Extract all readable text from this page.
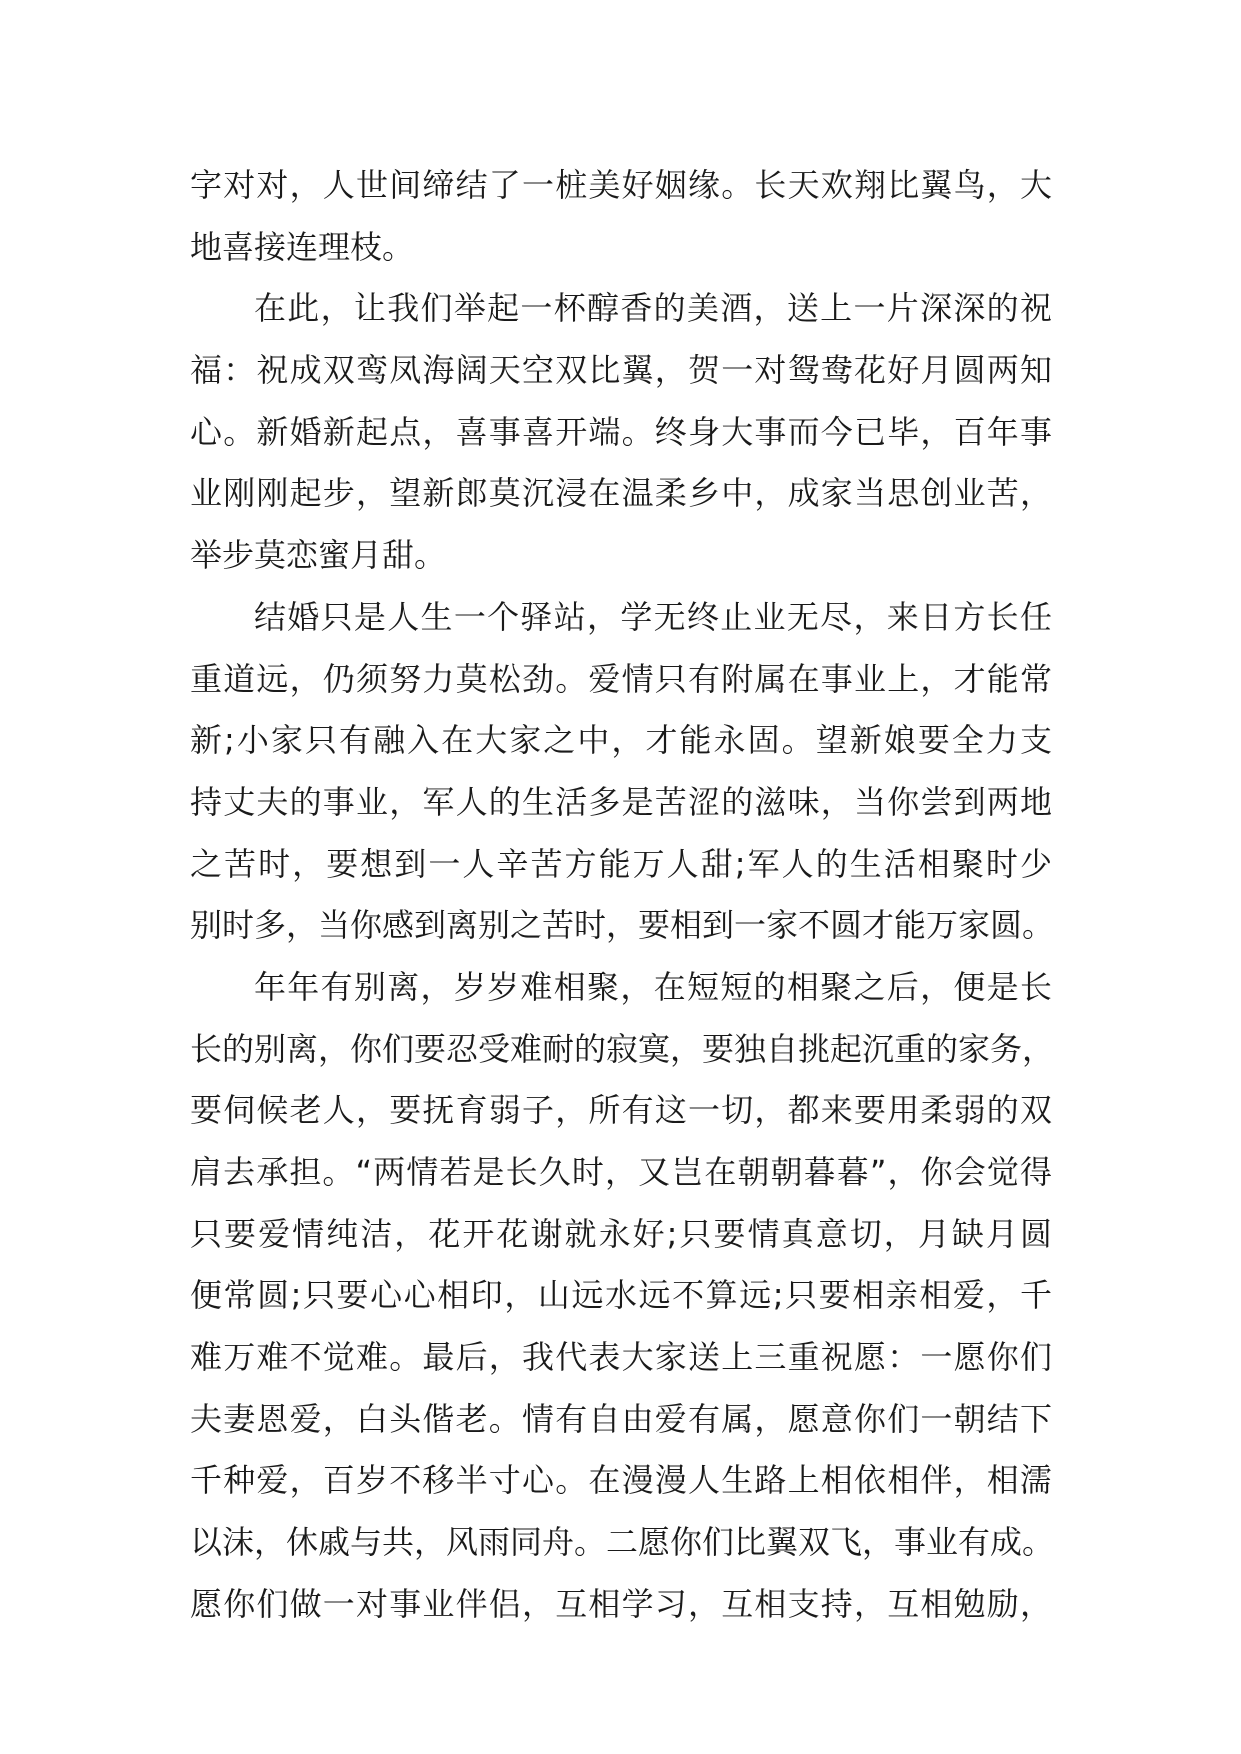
字对对，人世间缔结了一桩美好姻缘。长天欢翔比翼鸟，大
地喜接连理枝。
在此，让我们举起一杯醇香的美酒，送上一片深深的祝
福：祝成双鸾凤海阔天空双比翼，贺一对鸳鸯花好月圆两知
心。新婚新起点，喜事喜开端。终身大事而今已毕，百年事
业刚刚起步，望新郎莫沉浸在温柔乡中，成家当思创业苦，
举步莫恋蜜月甜。
结婚只是人生一个驿站，学无终止业无尽，来日方长任
重道远，仍须努力莫松劲。爱情只有附属在事业上，才能常
新;小家只有融入在大家之中，才能永固。望新娘要全力支
持丈夫的事业，军人的生活多是苦涩的滋味，当你尝到两地
之苦时，要想到一人辛苦方能万人甜;军人的生活相聚时少
别时多，当你感到离别之苦时，要相到一家不圆才能万家圆。
年年有别离，岁岁难相聚，在短短的相聚之后，便是长
长的别离，你们要忍受难耐的寂寞，要独自挑起沉重的家务，
要伺候老人，要抚育弱子，所有这一切，都来要用柔弱的双
肩去承担。“两情若是长久时，又岂在朝朝暮暮”，你会觉得
只要爱情纯洁，花开花谢就永好;只要情真意切，月缺月圆
便常圆;只要心心相印，山远水远不算远;只要相亲相爱，千
难万难不觉难。最后，我代表大家送上三重祝愿：一愿你们
夫妻恩爱，白头偕老。情有自由爱有属，愿意你们一朝结下
千种爱，百岁不移半寸心。在漫漫人生路上相依相伴，相濡
以沫，休戚与共，风雨同舟。二愿你们比翼双飞，事业有成。
愿你们做一对事业伴侣，互相学习，互相支持，互相勉励，
